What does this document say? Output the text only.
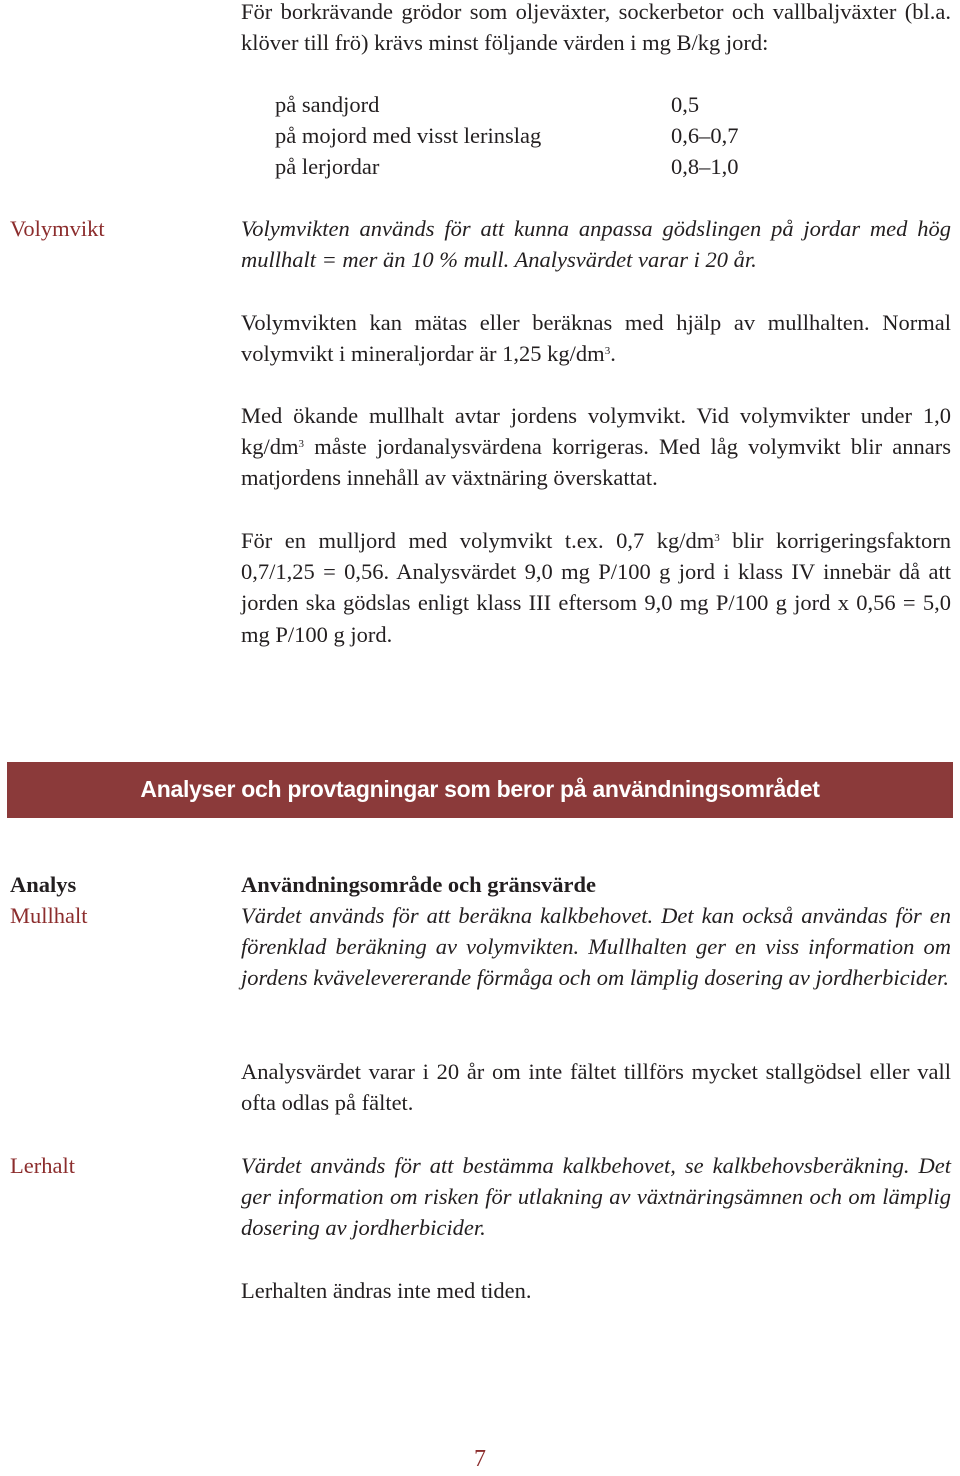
För borkrävande grödor som oljeväxter, sockerbetor och vallbaljväxter (bl.a. klöver till frö) krävs minst följande värden i mg B/kg jord:
på sandjord	0,5
på mojord med visst lerinslag	0,6–0,7
på lerjordar	0,8–1,0
Volymvikt	Volymvikten används för att kunna anpassa gödslingen på jordar med hög mullhalt = mer än 10 % mull. Analysvärdet varar i 20 år.
Volymvikten kan mätas eller beräknas med hjälp av mullhalten. Normal volymvikt i mineraljordar är 1,25 $kg/dm^3$.
Med ökande mullhalt avtar jordens volymvikt. Vid volymvikter under 1,0 $kg/dm^3$ måste jordanalysvärdena korrigeras. Med låg volymvikt blir annars matjordens innehåll av växtnäring överskattat.
För en mulljord med volymvikt t.ex. 0,7 $kg/dm^3$ blir korrigeringsfaktorn 0,7/1,25 = 0,56. Analysvärdet 9,0 mg P/100 g jord i klass IV innebär då att jorden ska gödslas enligt klass III eftersom 9,0 mg P/100 g jord x 0,56 = 5,0 mg P/100 g jord.
Analyser och provtagningar som beror på användningsområdet
Analys	Användningsområde och gränsvärde
Mullhalt	Värdet används för att beräkna kalkbehovet. Det kan också användas för en förenklad beräkning av volymvikten. Mullhalten ger en viss information om jordens kvävelevererande förmåga och om lämplig dosering av jordherbicider.
Analysvärdet varar i 20 år om inte fältet tillförs mycket stallgödsel eller vall ofta odlas på fältet.
Lerhalt	Värdet används för att bestämma kalkbehovet, se kalkbehovsberäkning. Det ger information om risken för utlakning av växtnäringsämnen och om lämplig dosering av jordherbicider.
Lerhalten ändras inte med tiden.
7
